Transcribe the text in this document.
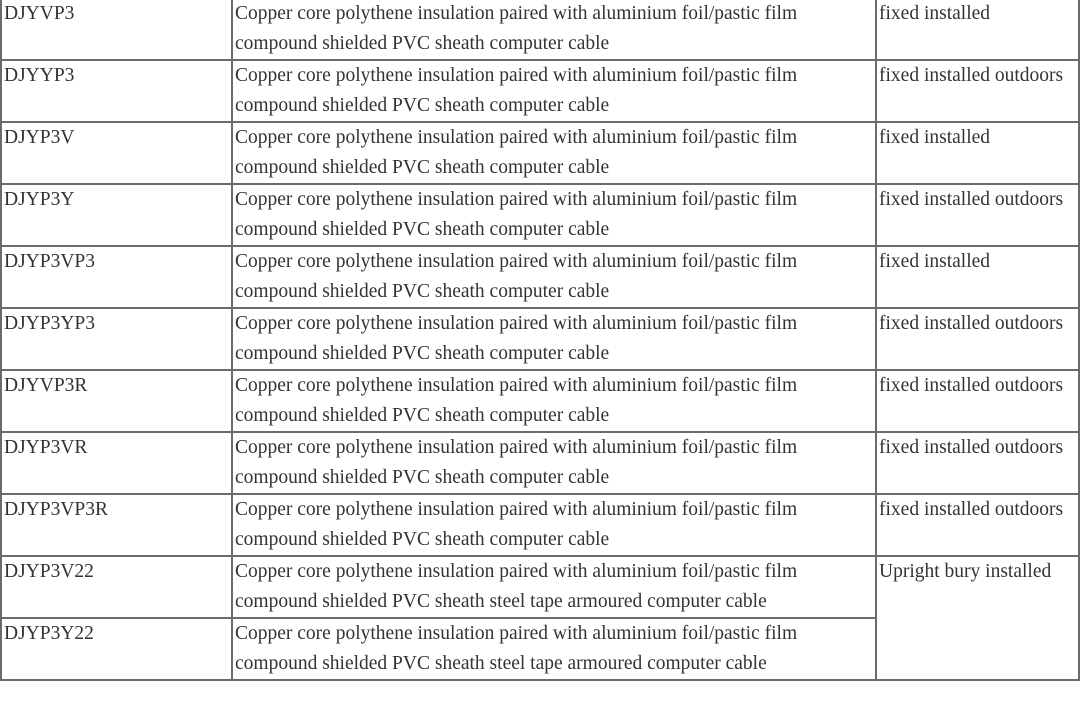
DJYVP3	Copper core polythene insulation paired with aluminium foil/pastic film
compound shielded PVC sheath computer cable	fixed installed
DJYYP3	Copper core polythene insulation paired with aluminium foil/pastic film
compound shielded PVC sheath computer cable	fixed installed outdoors
DJYP3V	Copper core polythene insulation paired with aluminium foil/pastic film
compound shielded PVC sheath computer cable	fixed installed
DJYP3Y	Copper core polythene insulation paired with aluminium foil/pastic film
compound shielded PVC sheath computer cable	fixed installed outdoors
DJYP3VP3	Copper core polythene insulation paired with aluminium foil/pastic film
compound shielded PVC sheath computer cable	fixed installed
DJYP3YP3	Copper core polythene insulation paired with aluminium foil/pastic film
compound shielded PVC sheath computer cable	fixed installed outdoors
DJYVP3R	Copper core polythene insulation paired with aluminium foil/pastic film
compound shielded PVC sheath computer cable	fixed installed outdoors
DJYP3VR	Copper core polythene insulation paired with aluminium foil/pastic film
compound shielded PVC sheath computer cable	fixed installed outdoors
DJYP3VP3R	Copper core polythene insulation paired with aluminium foil/pastic film
compound shielded PVC sheath computer cable	fixed installed outdoors
DJYP3V22	Copper core polythene insulation paired with aluminium foil/pastic film
compound shielded PVC sheath steel tape armoured computer cable	Upright bury installed
DJYP3Y22	Copper core polythene insulation paired with aluminium foil/pastic film
compound shielded PVC sheath steel tape armoured computer cable	
